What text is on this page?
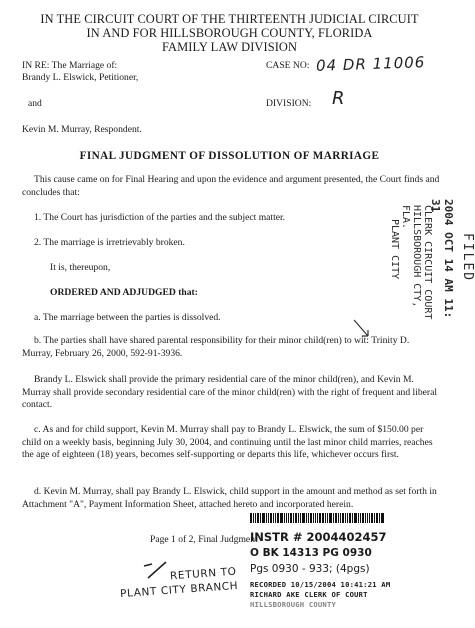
IN THE CIRCUIT COURT OF THE THIRTEENTH JUDICIAL CIRCUIT
IN AND FOR HILLSBOROUGH COUNTY, FLORIDA
FAMILY LAW DIVISION
IN RE: The Marriage of:
Brandy L. Elswick, Petitioner,
and
Kevin M. Murray, Respondent.
CASE NO: 04 DR 11006
DIVISION: R
FINAL JUDGMENT OF DISSOLUTION OF MARRIAGE
This cause came on for Final Hearing and upon the evidence and argument presented, the Court finds and concludes that:
1. The Court has jurisdiction of the parties and the subject matter.
2. The marriage is irretrievably broken.
It is, thereupon,
ORDERED AND ADJUDGED that:
a. The marriage between the parties is dissolved.
b. The parties shall have shared parental responsibility for their minor child(ren) to wit: Trinity D. Murray, February 26, 2000, 592-91-3936.
Brandy L. Elswick shall provide the primary residential care of the minor child(ren), and Kevin M. Murray shall provide secondary residential care of the minor child(ren) with the right of frequent and liberal contact.
c. As and for child support, Kevin M. Murray shall pay to Brandy L. Elswick, the sum of $150.00 per child on a weekly basis, beginning July 30, 2004, and continuing until the last minor child marries, reaches the age of eighteen (18) years, becomes self-supporting or departs this life, whichever occurs first.
d. Kevin M. Murray, shall pay Brandy L. Elswick, child support in the amount and method as set forth in Attachment "A", Payment Information Sheet, attached hereto and incorporated herein.
Page 1 of 2, Final Judgment
RETURN TO
PLANT CITY BRANCH
INSTR # 2004402457
O BK 14313 PG 0930
Pgs 0930 - 933; (4pgs)
RECORDED 10/15/2004 10:41:21 AM
RICHARD AKE CLERK OF COURT
HILLSBOROUGH COUNTY
CLERK CIRCUIT COURT
HILLSBOROUGH CTY, FLA.
PLANT CITY	2004 OCT 14 AM 11: 31
FILED
